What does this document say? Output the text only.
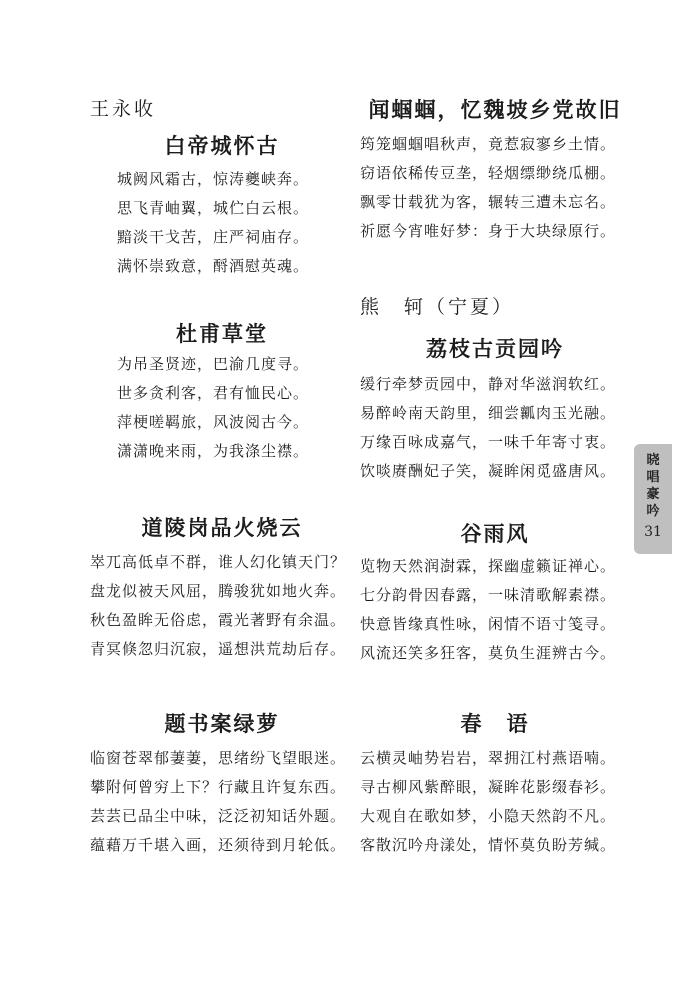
王永收
白帝城怀古
城阙风霜古，惊涛夔峡奔。
思飞青岫翼，城伫白云根。
黯淡干戈苦，庄严祠庙存。
满怀崇致意，酹酒慰英魂。
杜甫草堂
为吊圣贤迹，巴渝几度寻。
世多贪利客，君有恤民心。
萍梗嗟羁旅，风波阅古今。
潇潇晚来雨，为我涤尘襟。
道陵岗品火烧云
崒兀高低卓不群，谁人幻化镇天门？
盘龙似被天风屈，腾骏犹如地火奔。
秋色盈眸无俗虑，霞光著野有余温。
青冥倏忽归沉寂，遥想洪荒劫后存。
题书案绿萝
临窗苍翠郁萋萋，思绪纷飞望眼迷。
攀附何曾穷上下？行藏且许复东西。
芸芸已品尘中味，泛泛初知话外题。
蕴藉万千堪入画，还须待到月轮低。
闻蝈蝈，忆魏坡乡党故旧
筠笼蝈蝈唱秋声，竟惹寂寥乡土情。
窃语依稀传豆垄，轻烟缥缈绕瓜棚。
飘零廿载犹为客，辗转三遭未忘名。
祈愿今宵唯好梦：身于大块绿原行。
熊　轲（宁夏）
荔枝古贡园吟
缓行牵梦贡园中，静对华滋润软红。
易醉岭南天韵里，细尝瓤肉玉光融。
万缘百咏成嘉气，一味千年寄寸衷。
饮啖赓酬妃子笑，凝眸闲觅盛唐风。
谷雨风
览物天然润澍霖，探幽虚籁证禅心。
七分韵骨因春露，一味清歌解素襟。
快意皆缘真性咏，闲情不语寸笺寻。
风流还笑多狂客，莫负生涯辨古今。
春　语
云横灵岫势岩岩，翠拥江村燕语喃。
寻古柳风紫醉眼，凝眸花影缀春衫。
大观自在歌如梦，小隐天然韵不凡。
客散沉吟舟漾处，情怀莫负盼芳缄。
晓唱豪吟
31
